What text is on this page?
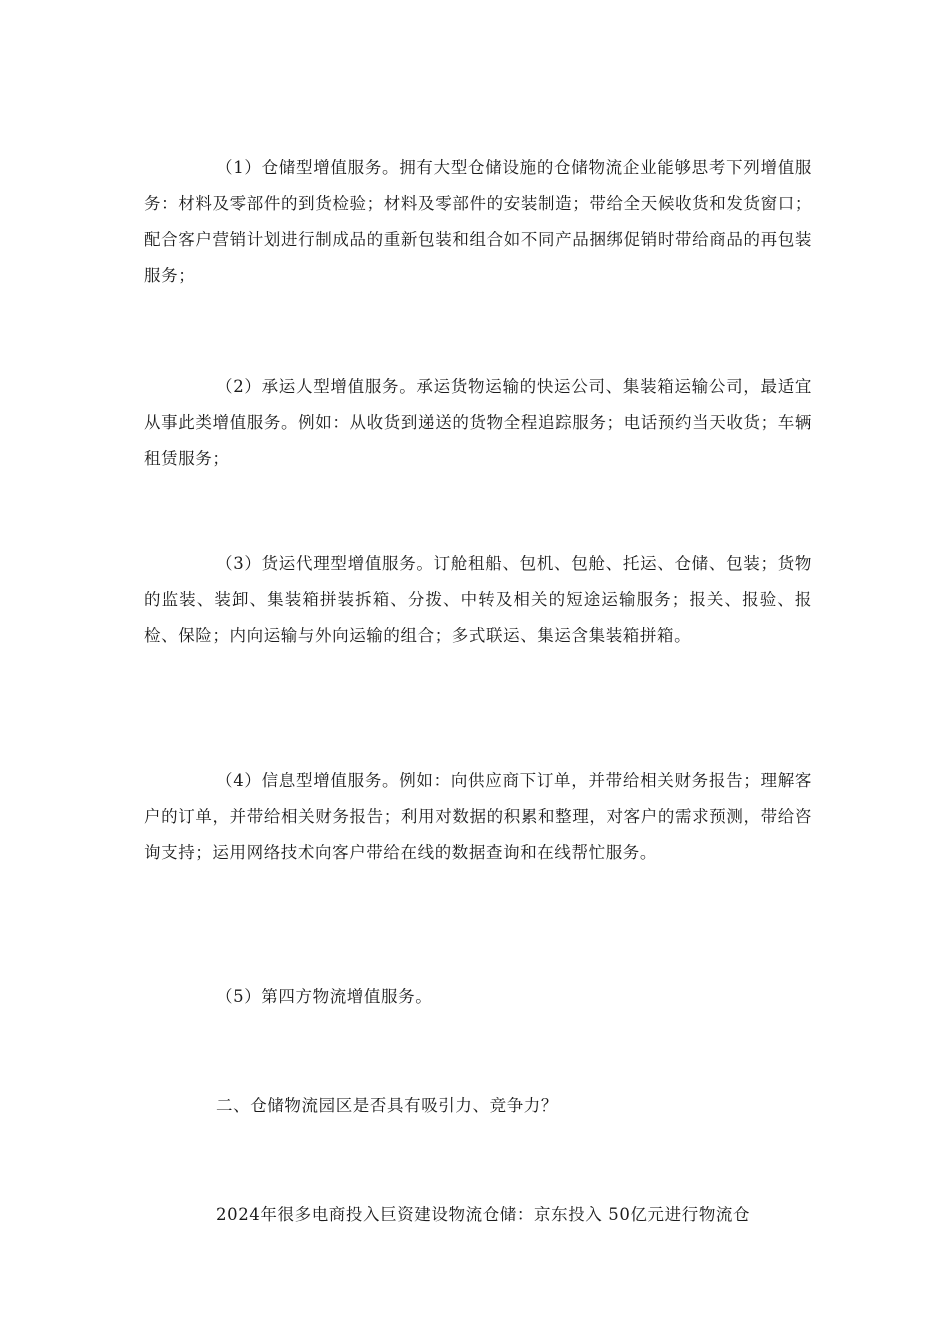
（1）仓储型增值服务。拥有大型仓储设施的仓储物流企业能够思考下列增值服务：材料及零部件的到货检验；材料及零部件的安装制造；带给全天候收货和发货窗口；配合客户营销计划进行制成品的重新包装和组合如不同产品捆绑促销时带给商品的再包装服务；

（2）承运人型增值服务。承运货物运输的快运公司、集装箱运输公司，最适宜从事此类增值服务。例如：从收货到递送的货物全程追踪服务；电话预约当天收货；车辆租赁服务；

（3）货运代理型增值服务。订舱租船、包机、包舱、托运、仓储、包装；货物的监装、装卸、集装箱拼装拆箱、分拨、中转及相关的短途运输服务；报关、报验、报检、保险；内向运输与外向运输的组合；多式联运、集运含集装箱拼箱。

（4）信息型增值服务。例如：向供应商下订单，并带给相关财务报告；理解客户的订单，并带给相关财务报告；利用对数据的积累和整理，对客户的需求预测，带给咨询支持；运用网络技术向客户带给在线的数据查询和在线帮忙服务。

（5）第四方物流增值服务。

二、仓储物流园区是否具有吸引力、竞争力？

2024年很多电商投入巨资建设物流仓储：京东投入 50亿元进行物流仓
